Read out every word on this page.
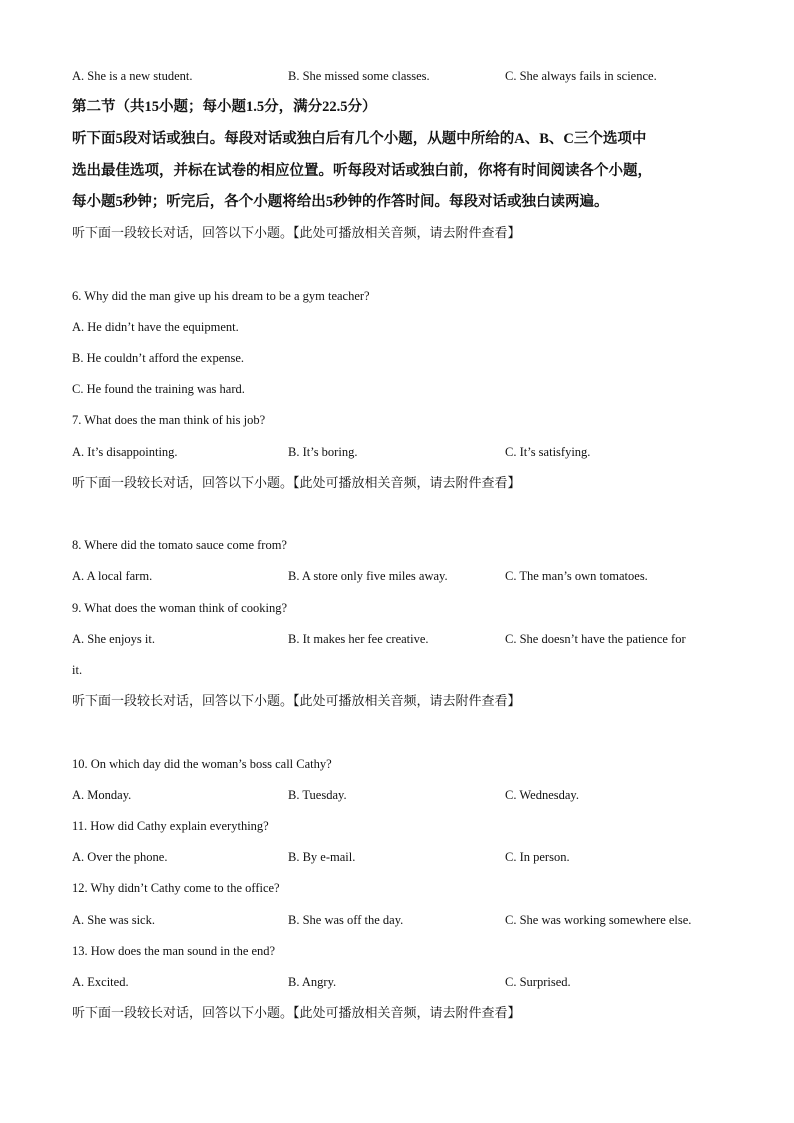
A. She is a new student.	B. She missed some classes.	C. She always fails in science.
第二节（共15小题；每小题1.5分，满分22.5分）
听下面5段对话或独白。每段对话或独白后有几个小题，从题中所给的A、B、C三个选项中
选出最佳选项，并标在试卷的相应位置。听每段对话或独白前，你将有时间阅读各个小题，
每小题5秒钟；听完后，各个小题将给出5秒钟的作答时间。每段对话或独白读两遍。
听下面一段较长对话，回答以下小题。【此处可播放相关音频，请去附件查看】
6. Why did the man give up his dream to be a gym teacher?
A. He didn’t have the equipment.
B. He couldn’t afford the expense.
C. He found the training was hard.
7. What does the man think of his job?
A. It’s disappointing.	B. It’s boring.	C. It’s satisfying.
听下面一段较长对话，回答以下小题。【此处可播放相关音频，请去附件查看】
8. Where did the tomato sauce come from?
A. A local farm.	B. A store only five miles away.	C. The man’s own tomatoes.
9. What does the woman think of cooking?
A. She enjoys it.	B. It makes her fee creative.	C. She doesn’t have the patience for
it.
听下面一段较长对话，回答以下小题。【此处可播放相关音频，请去附件查看】
10. On which day did the woman’s boss call Cathy?
A. Monday.	B. Tuesday.	C. Wednesday.
11. How did Cathy explain everything?
A. Over the phone.	B. By e-mail.	C. In person.
12. Why didn’t Cathy come to the office?
A. She was sick.	B. She was off the day.	C. She was working somewhere else.
13. How does the man sound in the end?
A. Excited.	B. Angry.	C. Surprised.
听下面一段较长对话，回答以下小题。【此处可播放相关音频，请去附件查看】
